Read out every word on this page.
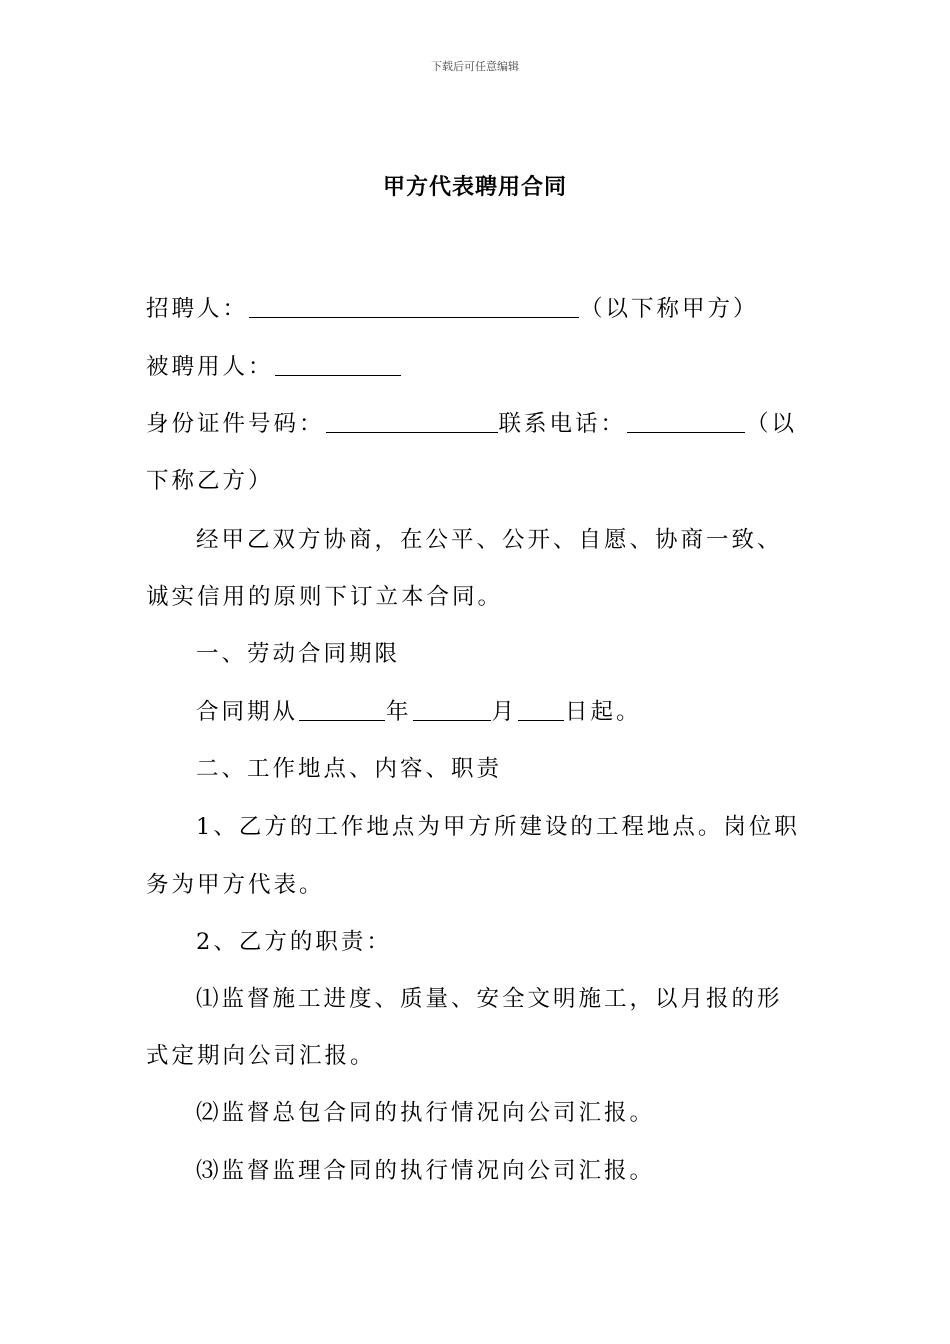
下载后可任意编辑
甲方代表聘用合同
招聘人：	（以下称甲方）
被聘用人：
身份证件号码：	联系电话：	（以
下称乙方）
经甲乙双方协商，在公平、公开、自愿、协商一致、
诚实信用的原则下订立本合同。
一、劳动合同期限
合同期从	年	月 日起。
二、工作地点、内容、职责
1、乙方的工作地点为甲方所建设的工程地点。岗位职
务为甲方代表。
2、乙方的职责：
⑴监督施工进度、质量、安全文明施工，以月报的形
式定期向公司汇报。
⑵监督总包合同的执行情况向公司汇报。
⑶监督监理合同的执行情况向公司汇报。
